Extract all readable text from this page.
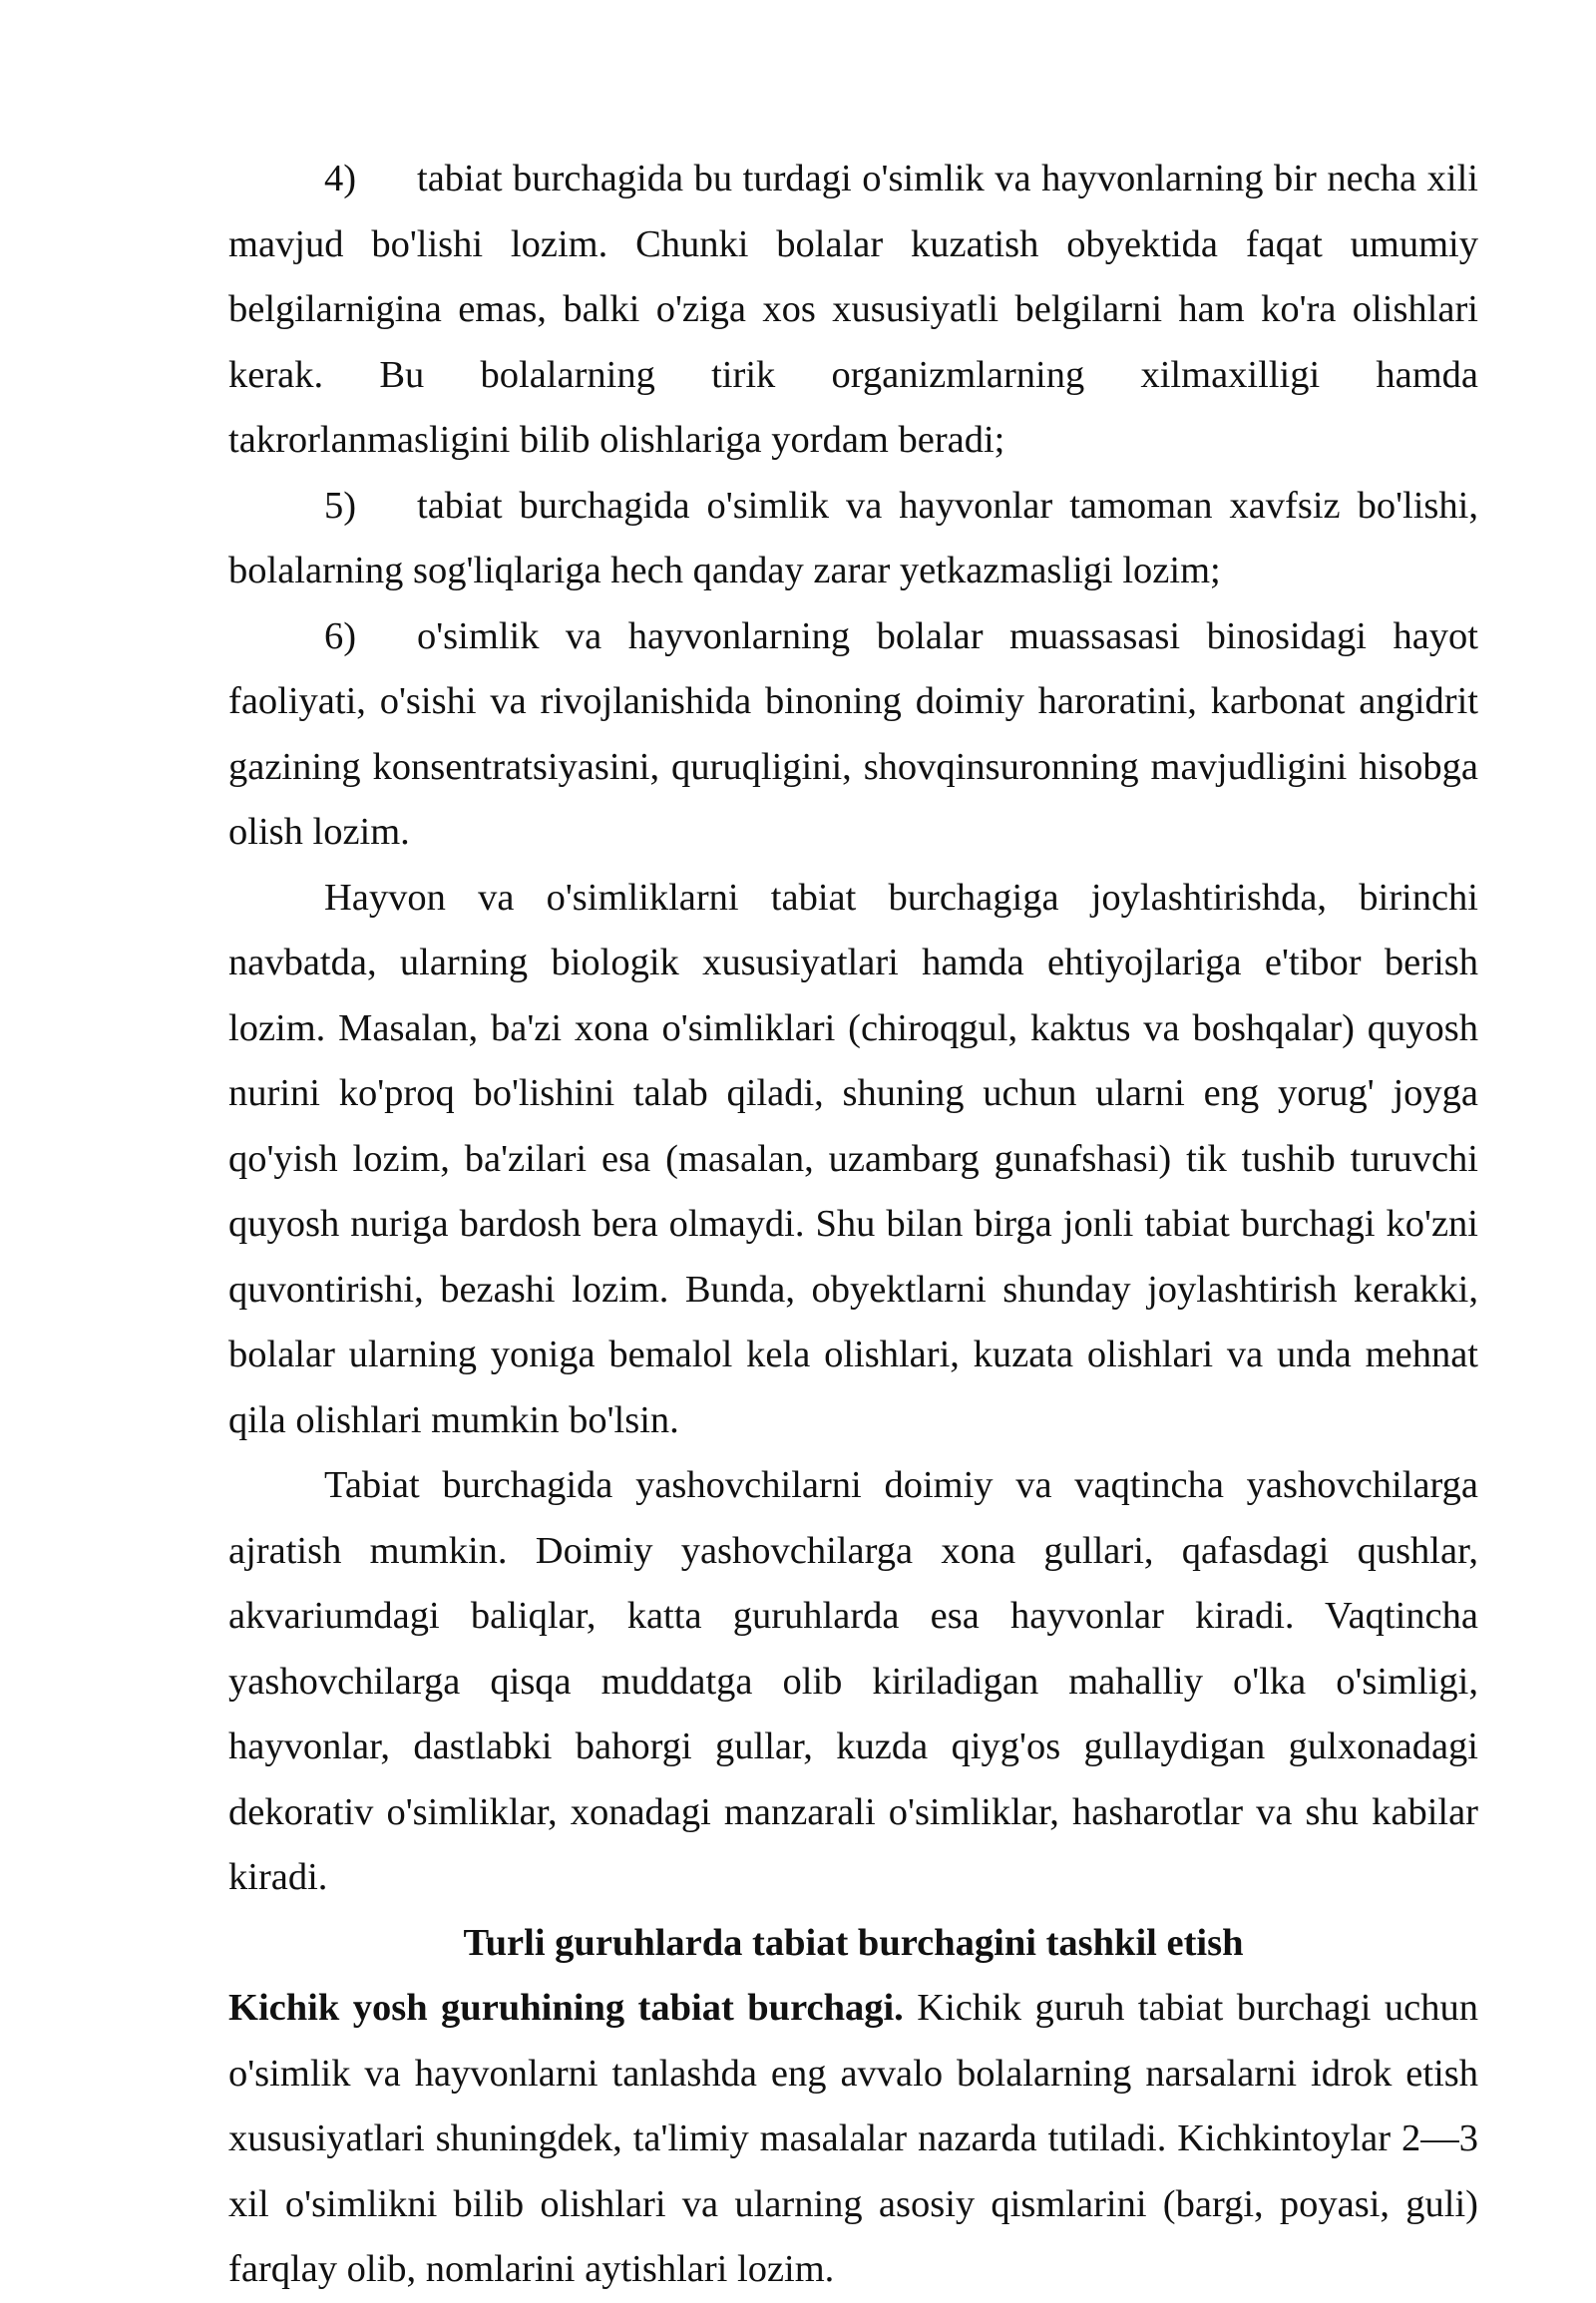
4) tabiat burchagida bu turdagi o'simlik va hayvonlarning bir necha xili mavjud bo'lishi lozim. Chunki bolalar kuzatish obyektida faqat umumiy belgilarnigina emas, balki o'ziga xos xususiyatli belgilarni ham ko'ra olishlari kerak. Bu bolalarning tirik organizmlarning xilmaxilligi hamda takrorlanmasligini bilib olishlariga yordam beradi;

5) tabiat burchagida o'simlik va hayvonlar tamoman xavfsiz bo'lishi, bolalarning sog'liqlariga hech qanday zarar yetkazmasligi lozim;

6) o'simlik va hayvonlarning bolalar muassasasi binosidagi hayot faoliyati, o'sishi va rivojlanishida binoning doimiy haroratini, karbonat angidrit gazining konsentratsiyasini, quruqligini, shovqinsuronning mavjudligini hisobga olish lozim.

Hayvon va o'simliklarni tabiat burchagiga joylashtirishda, birinchi navbatda, ularning biologik xususiyatlari hamda ehtiyojlariga e'tibor berish lozim. Masalan, ba'zi xona o'simliklari (chiroqgul, kaktus va boshqalar) quyosh nurini ko'proq bo'lishini talab qiladi, shuning uchun ularni eng yorug' joyga qo'yish lozim, ba'zilari esa (masalan, uzambarg gunafshasi) tik tushib turuvchi quyosh nuriga bardosh bera olmaydi. Shu bilan birga jonli tabiat burchagi ko'zni quvontirishi, bezashi lozim. Bunda, obyektlarni shunday joylashtirish kerakki, bolalar ularning yoniga bemalol kela olishlari, kuzata olishlari va unda mehnat qila olishlari mumkin bo'lsin.

Tabiat burchagida yashovchilarni doimiy va vaqtincha yashovchilarga ajratish mumkin. Doimiy yashovchilarga xona gullari, qafasdagi qushlar, akvariumdagi baliqlar, katta guruhlarda esa hayvonlar kiradi. Vaqtincha yashovchilarga qisqa muddatga olib kiriladigan mahalliy o'lka o'simligi, hayvonlar, dastlabki bahorgi gullar, kuzda qiyg'os gullaydigan gulxonadagi dekorativ o'simliklar, xonadagi manzarali o'simliklar, hasharotlar va shu kabilar kiradi.

Turli guruhlarda tabiat burchagini tashkil etish

Kichik yosh guruhining tabiat burchagi. Kichik guruh tabiat burchagi uchun o'simlik va hayvonlarni tanlashda eng avvalo bolalarning narsalarni idrok etish xususiyatlari shuningdek, ta'limiy masalalar nazarda tutiladi. Kichkintoylar 2—3 xil o'simlikni bilib olishlari va ularning asosiy qismlarini (bargi, poyasi, guli) farqlay olib, nomlarini aytishlari lozim.
